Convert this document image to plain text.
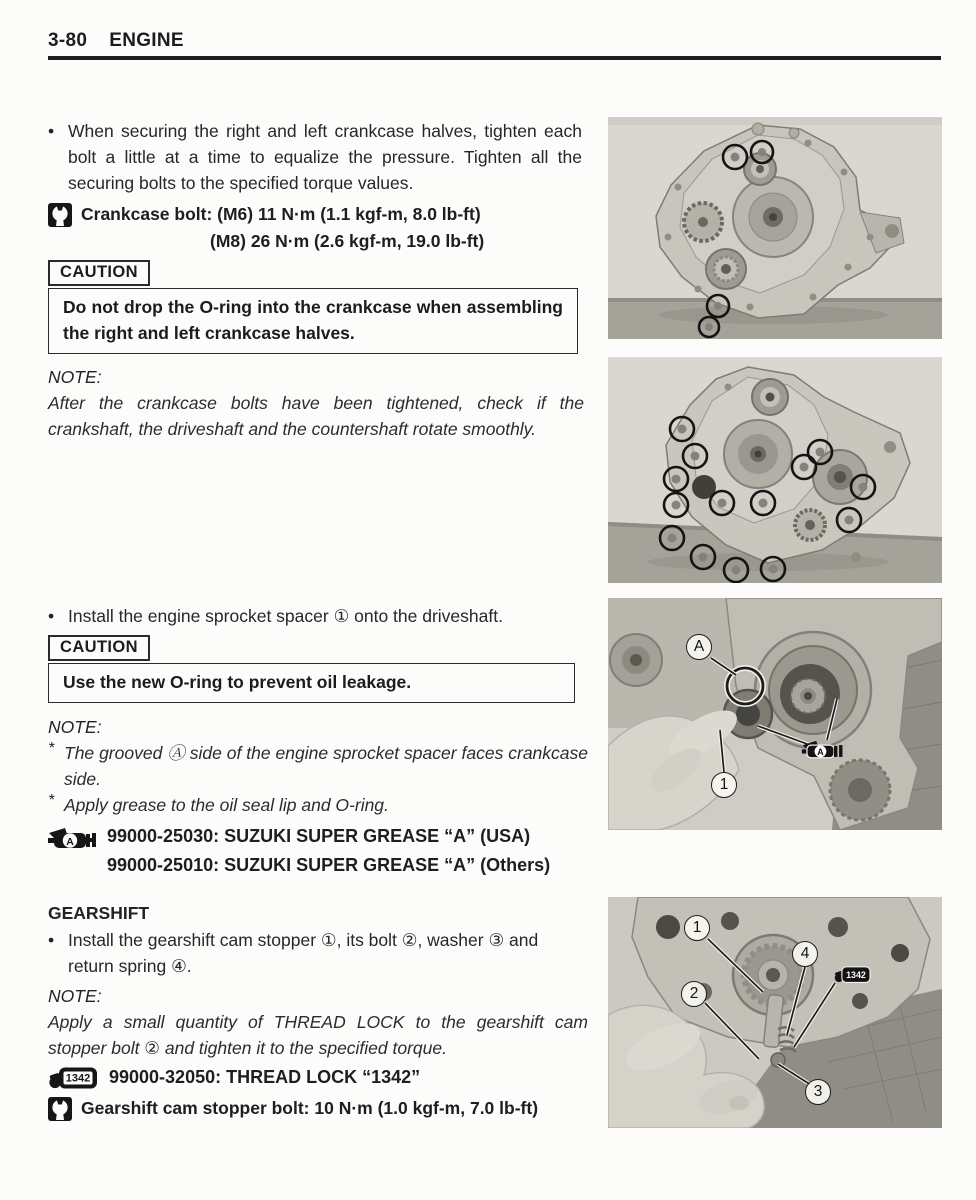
3-80 ENGINE
• When securing the right and left crankcase halves, tighten each bolt a little at a time to equalize the pressure. Tighten all the securing bolts to the specified torque values.
Crankcase bolt: (M6) 11 N·m (1.1 kgf-m, 8.0 lb-ft)
(M8) 26 N·m (2.6 kgf-m, 19.0 lb-ft)
CAUTION
Do not drop the O-ring into the crankcase when assembling the right and left crankcase halves.
NOTE:
After the crankcase bolts have been tightened, check if the crankshaft, the driveshaft and the countershaft rotate smoothly.
• Install the engine sprocket spacer ① onto the driveshaft.
CAUTION
Use the new O-ring to prevent oil leakage.
NOTE:
* The grooved Ⓐ side of the engine sprocket spacer faces crankcase side.
* Apply grease to the oil seal lip and O-ring.
A 99000-25030: SUZUKI SUPER GREASE “A” (USA)
99000-25010: SUZUKI SUPER GREASE “A” (Others)
GEARSHIFT
• Install the gearshift cam stopper ①, its bolt ②, washer ③ and return spring ④.
NOTE:
Apply a small quantity of THREAD LOCK to the gearshift cam stopper bolt ② and tighten it to the specified torque.
1342 99000-32050: THREAD LOCK “1342”
Gearshift cam stopper bolt: 10 N·m (1.0 kgf-m, 7.0 lb-ft)
A
1
A
1
4
2
3
1342
